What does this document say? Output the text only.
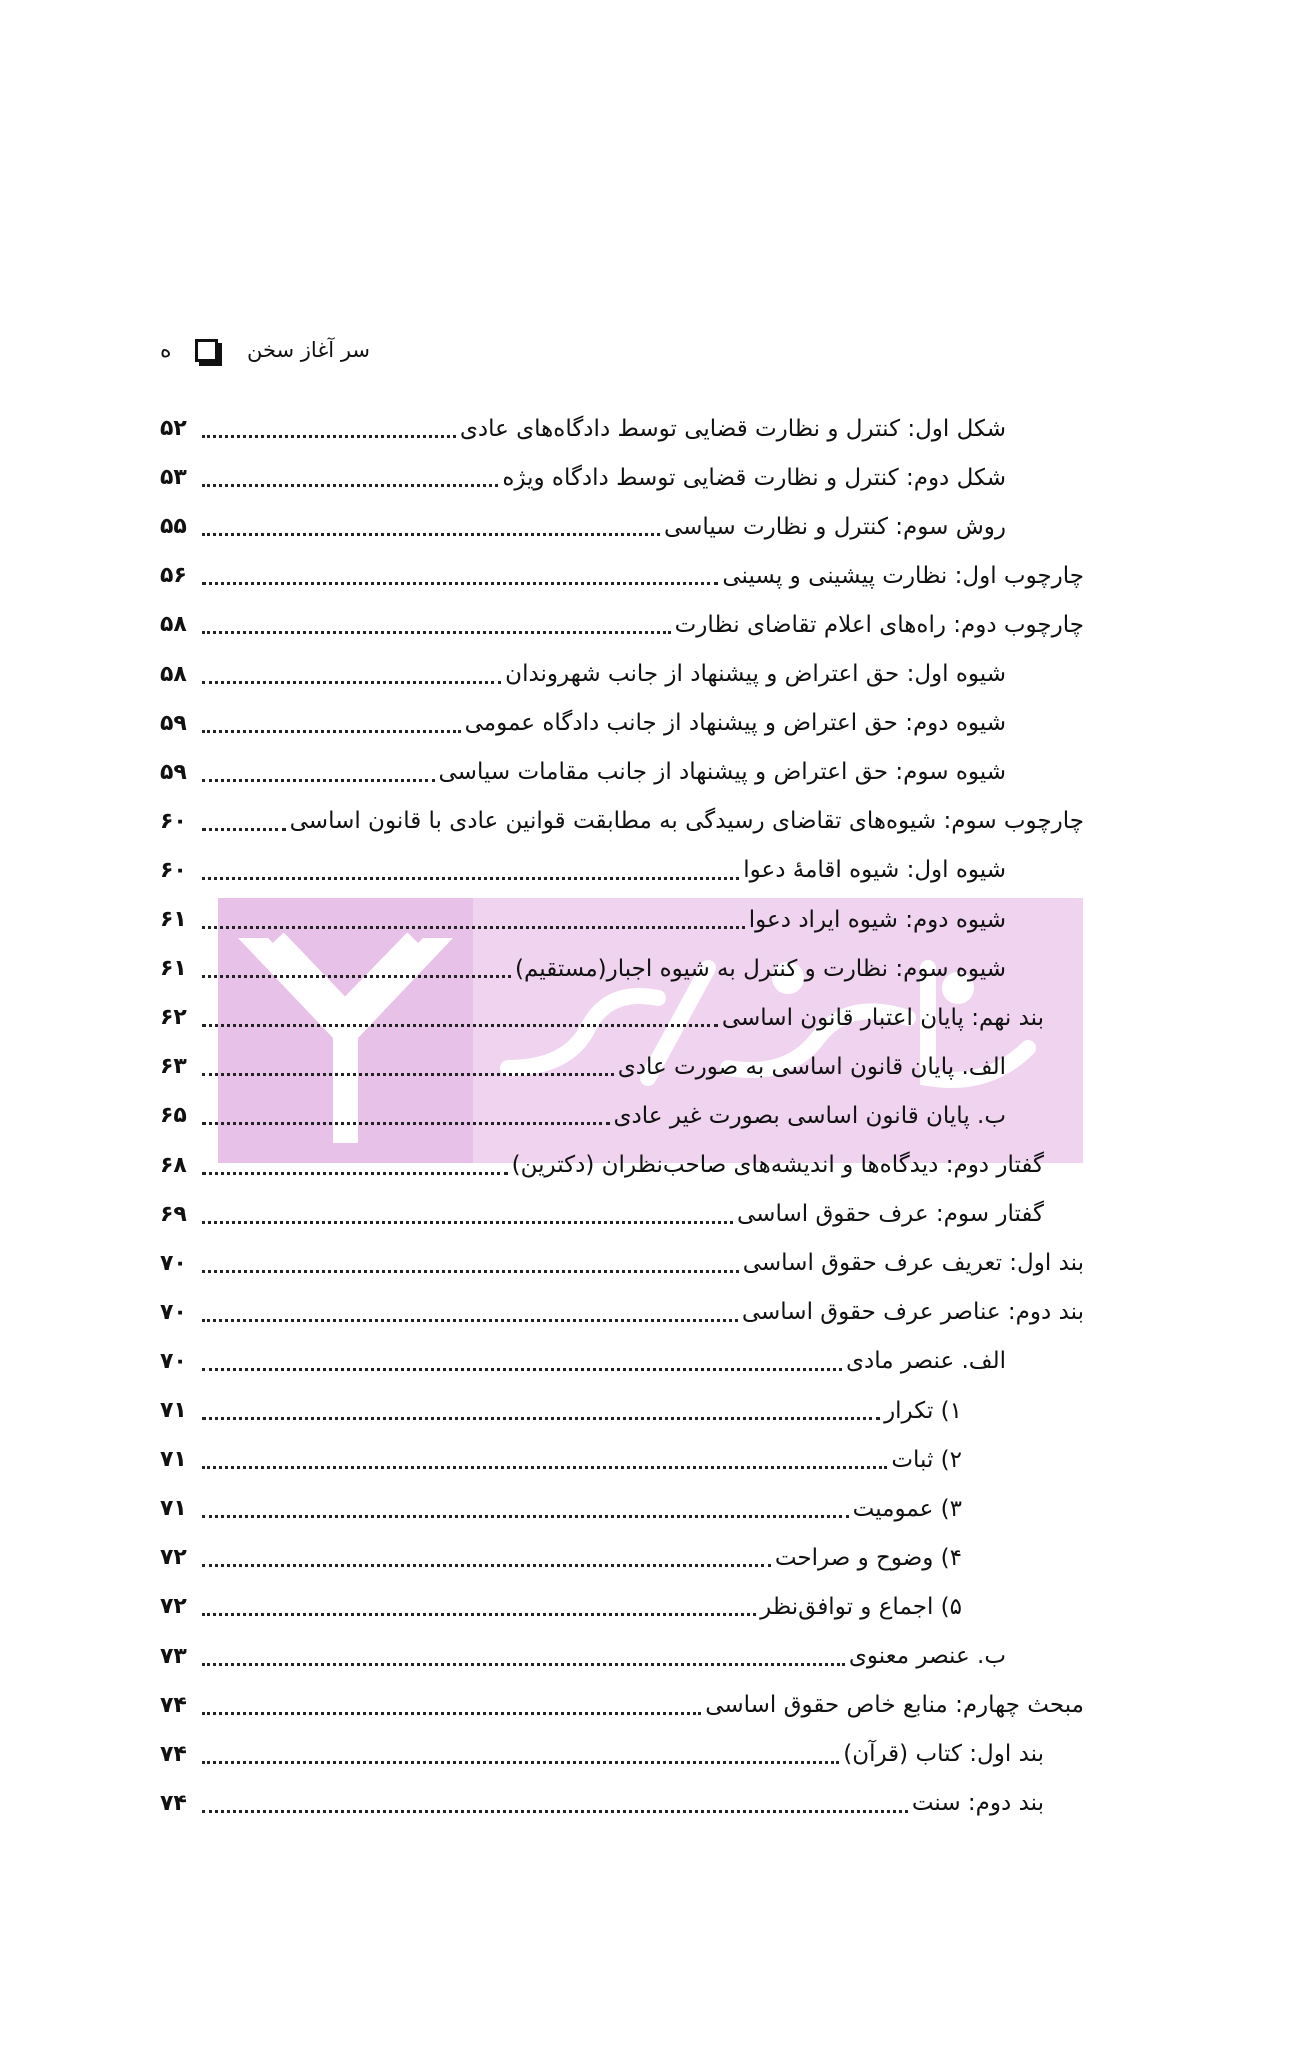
ه	سر آغاز سخن
شکل اول: کنترل و نظارت قضایی توسط دادگاه‌های عادی
۵۲
شکل دوم: کنترل و نظارت قضایی توسط دادگاه ویژه
۵۳
روش سوم: کنترل و نظارت سیاسی
۵۵
چارچوب اول: نظارت پیشینی و پسینی
۵۶
چارچوب دوم: راه‌های اعلام تقاضای نظارت
۵۸
شیوه اول: حق اعتراض و پیشنهاد از جانب شهروندان
۵۸
شیوه دوم: حق اعتراض و پیشنهاد از جانب دادگاه عمومی
۵۹
شیوه سوم: حق اعتراض و پیشنهاد از جانب مقامات سیاسی
۵۹
چارچوب سوم: شیوه‌های تقاضای رسیدگی به مطابقت قوانین عادی با قانون اساسی
۶۰
شیوه اول: شیوه اقامهٔ دعوا
۶۰
شیوه دوم: شیوه ایراد دعوا
۶۱
شیوه سوم: نظارت و کنترل به شیوه اجبار(مستقیم)
۶۱
بند نهم: پایان اعتبار قانون اساسی
۶۲
الف. پایان قانون اساسی به صورت عادی
۶۳
ب. پایان قانون اساسی بصورت غیر عادی
۶۵
گفتار دوم: دیدگاه‌ها و اندیشه‌های صاحب‌نظران (دکترین)
۶۸
گفتار سوم: عرف حقوق اساسی
۶۹
بند اول: تعریف عرف حقوق اساسی
۷۰
بند دوم: عناصر عرف حقوق اساسی
۷۰
الف. عنصر مادی
۷۰
۱) تکرار
۷۱
۲) ثبات
۷۱
۳) عمومیت
۷۱
۴) وضوح و صراحت
۷۲
۵) اجماع و توافق‌نظر
۷۲
ب. عنصر معنوی
۷۳
مبحث چهارم: منابع خاص حقوق اساسی
۷۴
بند اول: کتاب (قرآن)
۷۴
بند دوم: سنت
۷۴
